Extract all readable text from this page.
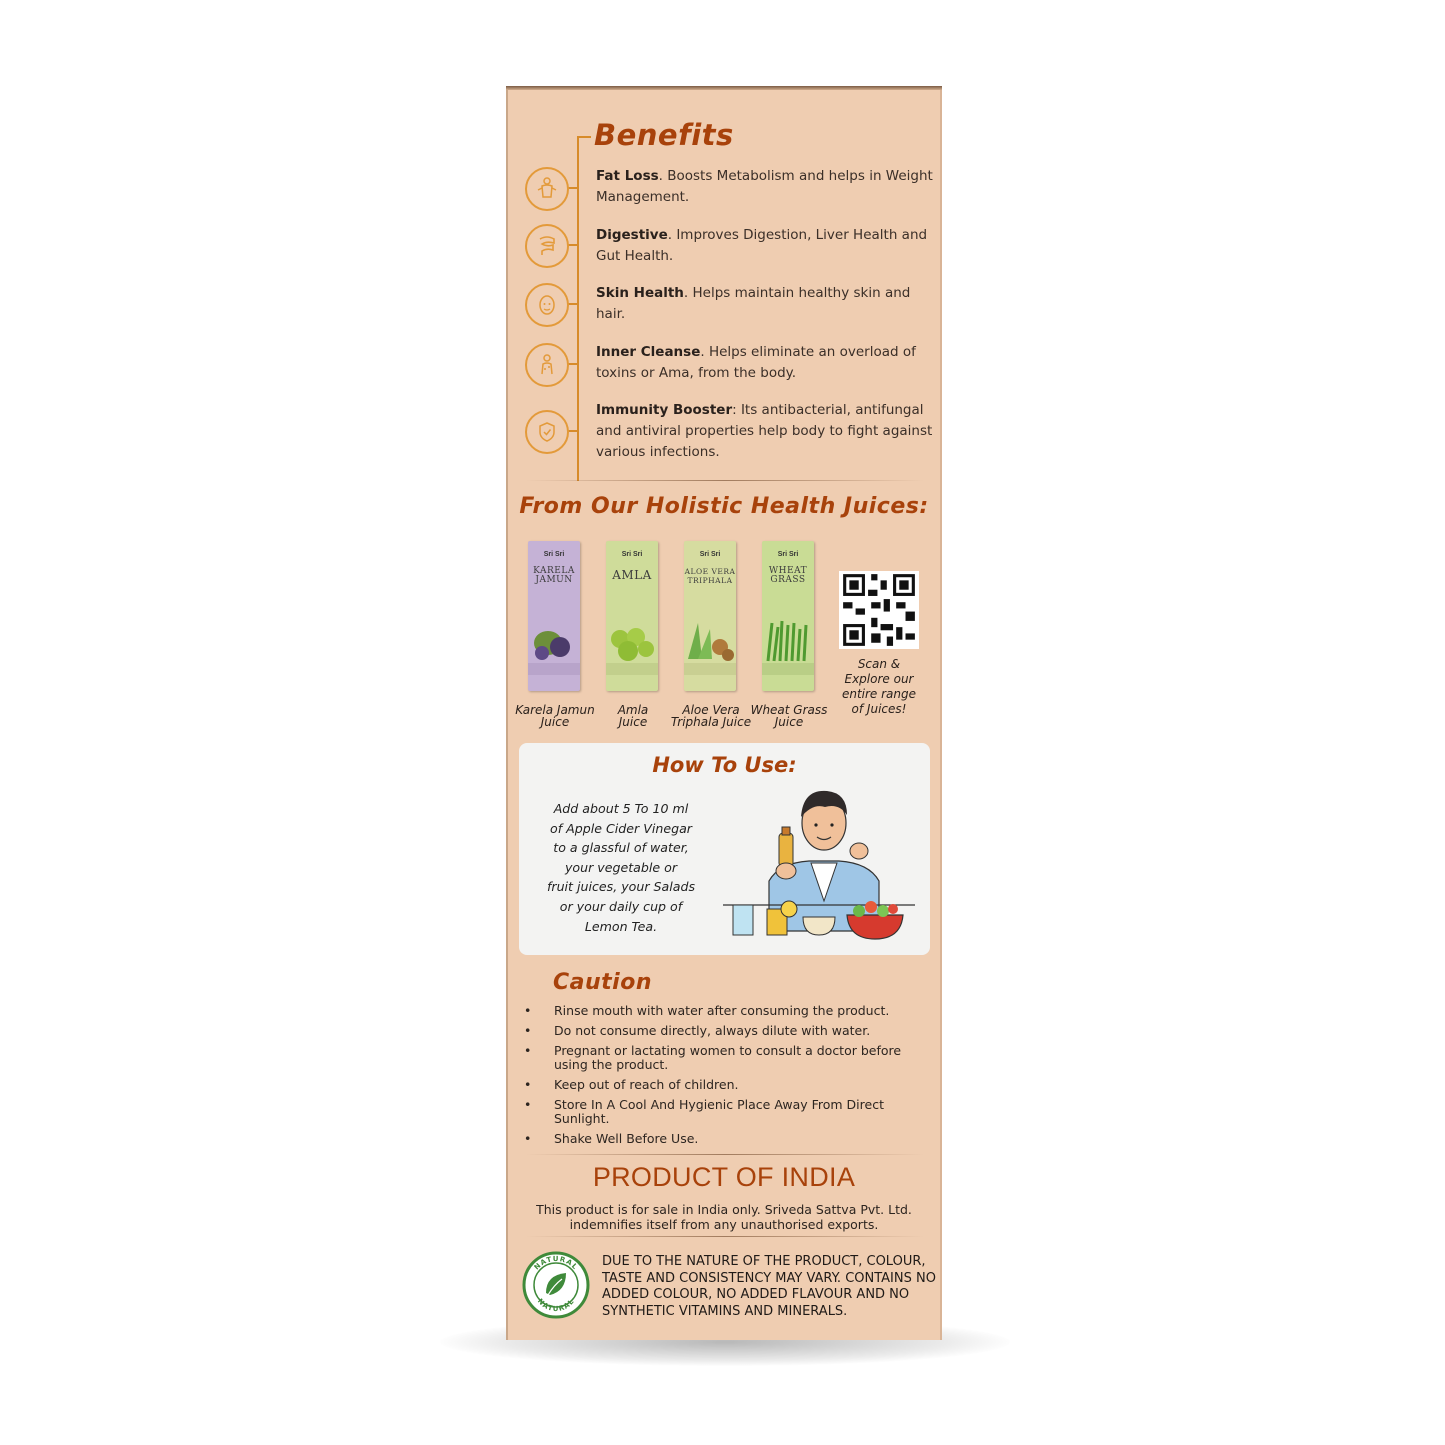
Benefits
Fat Loss. Boosts Metabolism and helps in Weight Management.
Digestive. Improves Digestion, Liver Health and Gut Health.
Skin Health. Helps maintain healthy skin and hair.
Inner Cleanse. Helps eliminate an overload of toxins or Ama, from the body.
Immunity Booster: Its antibacterial, antifungal and antiviral properties help body to fight against various infections.
From Our Holistic Health Juices:
Sri Sri
KARELA JAMUN
Sri Sri
AMLA
Sri Sri
ALOE VERA TRIPHALA
Sri Sri
WHEAT GRASS
Karela Jamun Juice
Amla Juice
Aloe Vera Triphala Juice
Wheat Grass Juice
Scan & Explore our entire range of Juices!
How To Use:
Add about 5 To 10 ml
of Apple Cider Vinegar
to a glassful of water,
your vegetable or
fruit juices, your Salads
or your daily cup of
Lemon Tea.
Caution
• Rinse mouth with water after consuming the product.
• Do not consume directly, always dilute with water.
• Pregnant or lactating women to consult a doctor before using the product.
• Keep out of reach of children.
• Store In A Cool And Hygienic Place Away From Direct Sunlight.
• Shake Well Before Use.
PRODUCT OF INDIA
This product is for sale in India only. Sriveda Sattva Pvt. Ltd. indemnifies itself from any unauthorised exports.
NATURAL
NATURAL
DUE TO THE NATURE OF THE PRODUCT, COLOUR, TASTE AND CONSISTENCY MAY VARY. CONTAINS NO ADDED COLOUR, NO ADDED FLAVOUR AND NO SYNTHETIC VITAMINS AND MINERALS.
